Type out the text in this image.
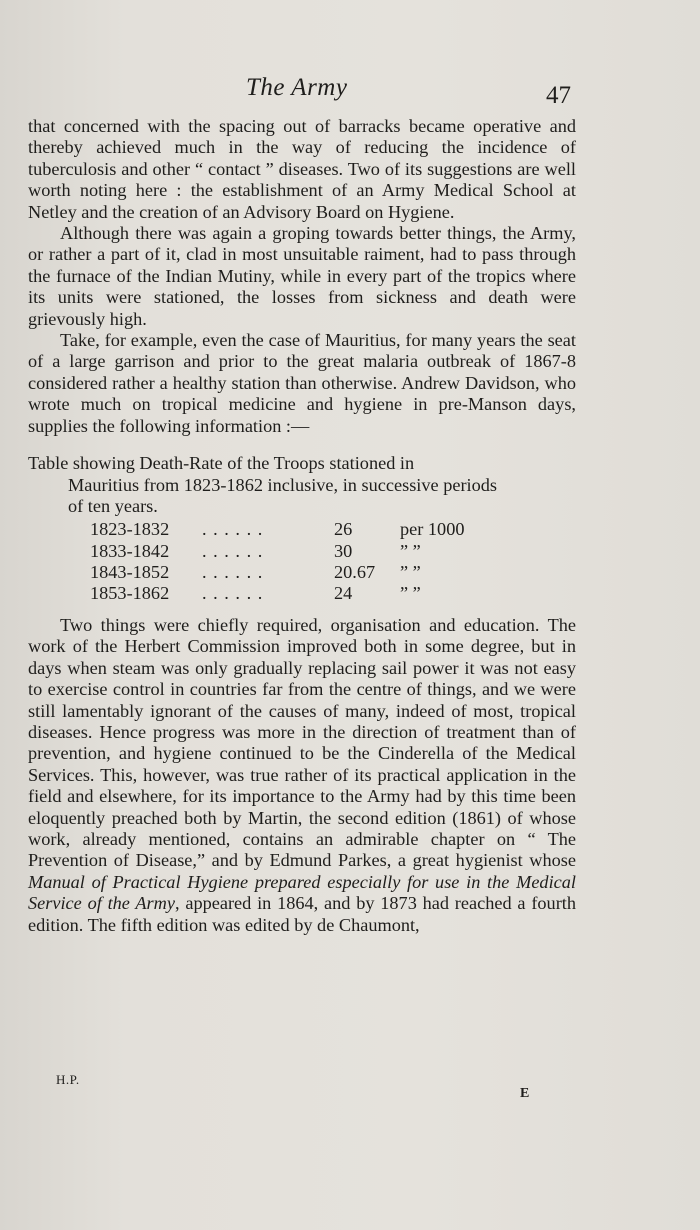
The Army	47

that concerned with the spacing out of barracks became operative and thereby achieved much in the way of reducing the incidence of tuberculosis and other “ contact ” diseases. Two of its suggestions are well worth noting here : the establishment of an Army Medical School at Netley and the creation of an Advisory Board on Hygiene.

Although there was again a groping towards better things, the Army, or rather a part of it, clad in most unsuitable raiment, had to pass through the furnace of the Indian Mutiny, while in every part of the tropics where its units were stationed, the losses from sickness and death were grievously high.

Take, for example, even the case of Mauritius, for many years the seat of a large garrison and prior to the great malaria outbreak of 1867-8 considered rather a healthy station than otherwise. Andrew Davidson, who wrote much on tropical medicine and hygiene in pre-Manson days, supplies the following information :—

Table showing Death-Rate of the Troops stationed in
Mauritius from 1823-1862 inclusive, in successive periods
of ten years.

1823-1832	. . . . . .	26	per 1000
1833-1842	. . . . . .	30	” ”
1843-1852	. . . . . .	20.67	” ”
1853-1862	. . . . . .	24	” ”

Two things were chiefly required, organisation and education. The work of the Herbert Commission improved both in some degree, but in days when steam was only gradually replacing sail power it was not easy to exercise control in countries far from the centre of things, and we were still lamentably ignorant of the causes of many, indeed of most, tropical diseases. Hence progress was more in the direction of treatment than of prevention, and hygiene continued to be the Cinderella of the Medical Services. This, however, was true rather of its practical application in the field and elsewhere, for its importance to the Army had by this time been eloquently preached both by Martin, the second edition (1861) of whose work, already mentioned, contains an admirable chapter on “ The Prevention of Disease,” and by Edmund Parkes, a great hygienist whose Manual of Practical Hygiene prepared especially for use in the Medical Service of the Army, appeared in 1864, and by 1873 had reached a fourth edition. The fifth edition was edited by de Chaumont,

H.P.
E
